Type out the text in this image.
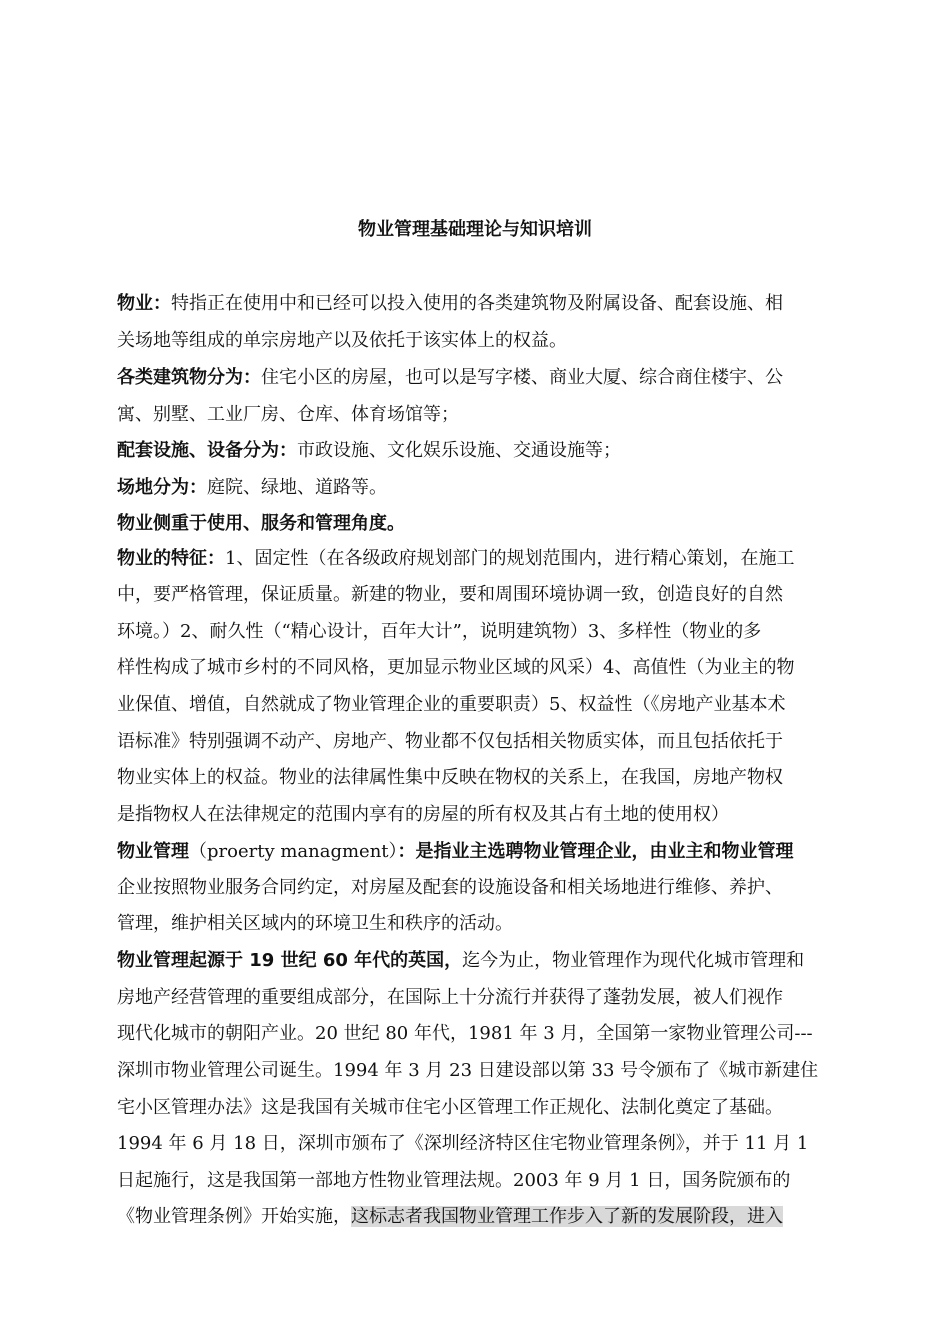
物业管理基础理论与知识培训
物业：特指正在使用中和已经可以投入使用的各类建筑物及附属设备、配套设施、相
关场地等组成的单宗房地产以及依托于该实体上的权益。
各类建筑物分为：住宅小区的房屋，也可以是写字楼、商业大厦、综合商住楼宇、公
寓、别墅、工业厂房、仓库、体育场馆等；
配套设施、设备分为：市政设施、文化娱乐设施、交通设施等；
场地分为：庭院、绿地、道路等。
物业侧重于使用、服务和管理角度。
物业的特征：1、固定性（在各级政府规划部门的规划范围内，进行精心策划，在施工
中，要严格管理，保证质量。新建的物业，要和周围环境协调一致，创造良好的自然
环境。）2、耐久性（“精心设计，百年大计”，说明建筑物）3、多样性（物业的多
样性构成了城市乡村的不同风格，更加显示物业区域的风采）4、高值性（为业主的物
业保值、增值，自然就成了物业管理企业的重要职责）5、权益性（《房地产业基本术
语标准》特别强调不动产、房地产、物业都不仅包括相关物质实体，而且包括依托于
物业实体上的权益。物业的法律属性集中反映在物权的关系上，在我国，房地产物权
是指物权人在法律规定的范围内享有的房屋的所有权及其占有土地的使用权）
物业管理（proerty managment）：是指业主选聘物业管理企业，由业主和物业管理
企业按照物业服务合同约定，对房屋及配套的设施设备和相关场地进行维修、养护、
管理，维护相关区域内的环境卫生和秩序的活动。
物业管理起源于 19 世纪 60 年代的英国，迄今为止，物业管理作为现代化城市管理和
房地产经营管理的重要组成部分，在国际上十分流行并获得了蓬勃发展，被人们视作
现代化城市的朝阳产业。20 世纪 80 年代，1981 年 3 月，全国第一家物业管理公司---
深圳市物业管理公司诞生。1994 年 3 月 23 日建设部以第 33 号令颁布了《城市新建住
宅小区管理办法》这是我国有关城市住宅小区管理工作正规化、法制化奠定了基础。
1994 年 6 月 18 日，深圳市颁布了《深圳经济特区住宅物业管理条例》，并于 11 月 1
日起施行，这是我国第一部地方性物业管理法规。2003 年 9 月 1 日，国务院颁布的
《物业管理条例》开始实施，这标志者我国物业管理工作步入了新的发展阶段，进入
